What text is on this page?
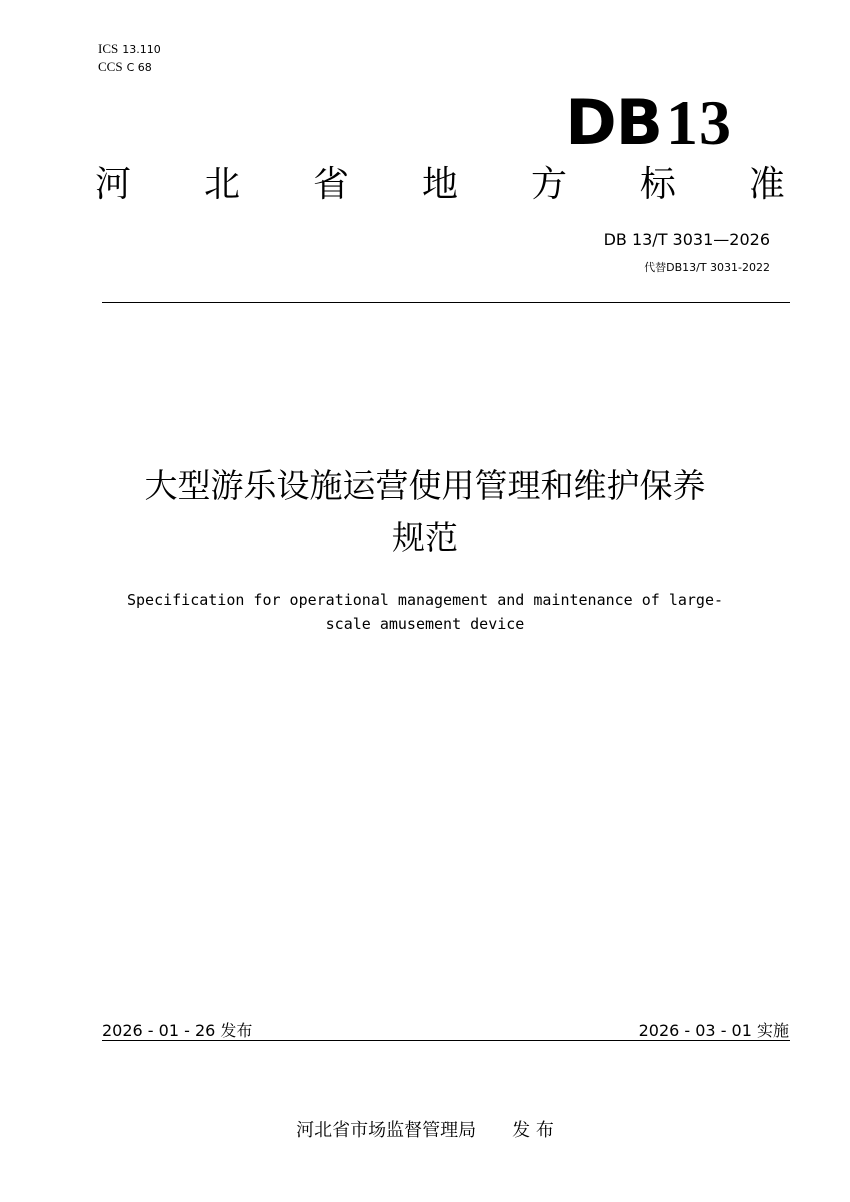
ICS 13.110
CCS C 68
DB13
河 北 省 地 方 标 准
DB 13/T 3031—2026
代替DB13/T 3031-2022
大型游乐设施运营使用管理和维护保养
规范
Specification for operational management and maintenance of large-
scale amusement device
2026 - 01 - 26 发布	2026 - 03 - 01 实施
河北省市场监督管理局 发 布
